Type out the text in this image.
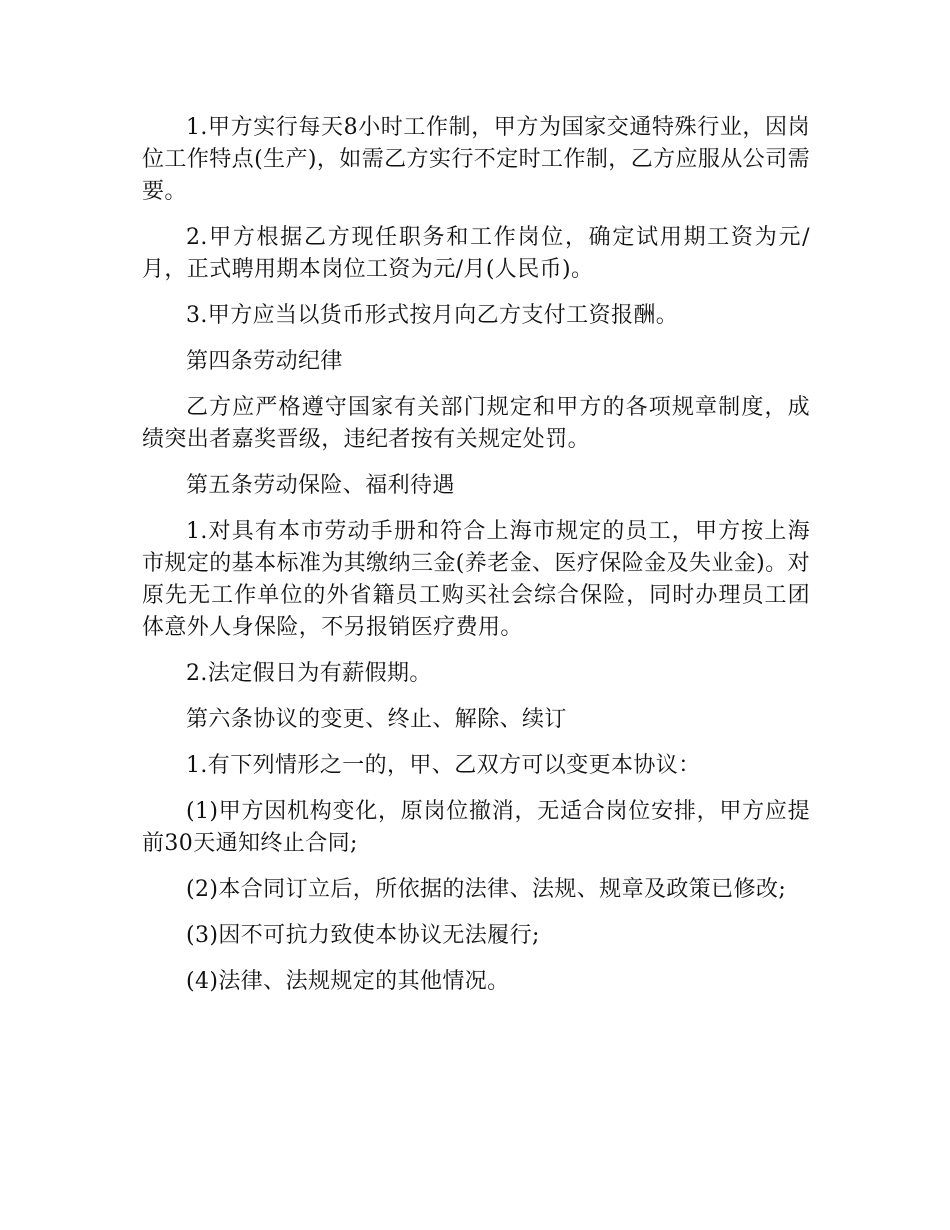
1.甲方实行每天8小时工作制，甲方为国家交通特殊行业，因岗位工作特点(生产)，如需乙方实行不定时工作制，乙方应服从公司需要。

2.甲方根据乙方现任职务和工作岗位，确定试用期工资为元/月，正式聘用期本岗位工资为元/月(人民币)。

3.甲方应当以货币形式按月向乙方支付工资报酬。

第四条劳动纪律

乙方应严格遵守国家有关部门规定和甲方的各项规章制度，成绩突出者嘉奖晋级，违纪者按有关规定处罚。

第五条劳动保险、福利待遇

1.对具有本市劳动手册和符合上海市规定的员工，甲方按上海市规定的基本标准为其缴纳三金(养老金、医疗保险金及失业金)。对原先无工作单位的外省籍员工购买社会综合保险，同时办理员工团体意外人身保险，不另报销医疗费用。

2.法定假日为有薪假期。

第六条协议的变更、终止、解除、续订

1.有下列情形之一的，甲、乙双方可以变更本协议：

(1)甲方因机构变化，原岗位撤消，无适合岗位安排，甲方应提前30天通知终止合同;

(2)本合同订立后，所依据的法律、法规、规章及政策已修改;

(3)因不可抗力致使本协议无法履行;

(4)法律、法规规定的其他情况。
